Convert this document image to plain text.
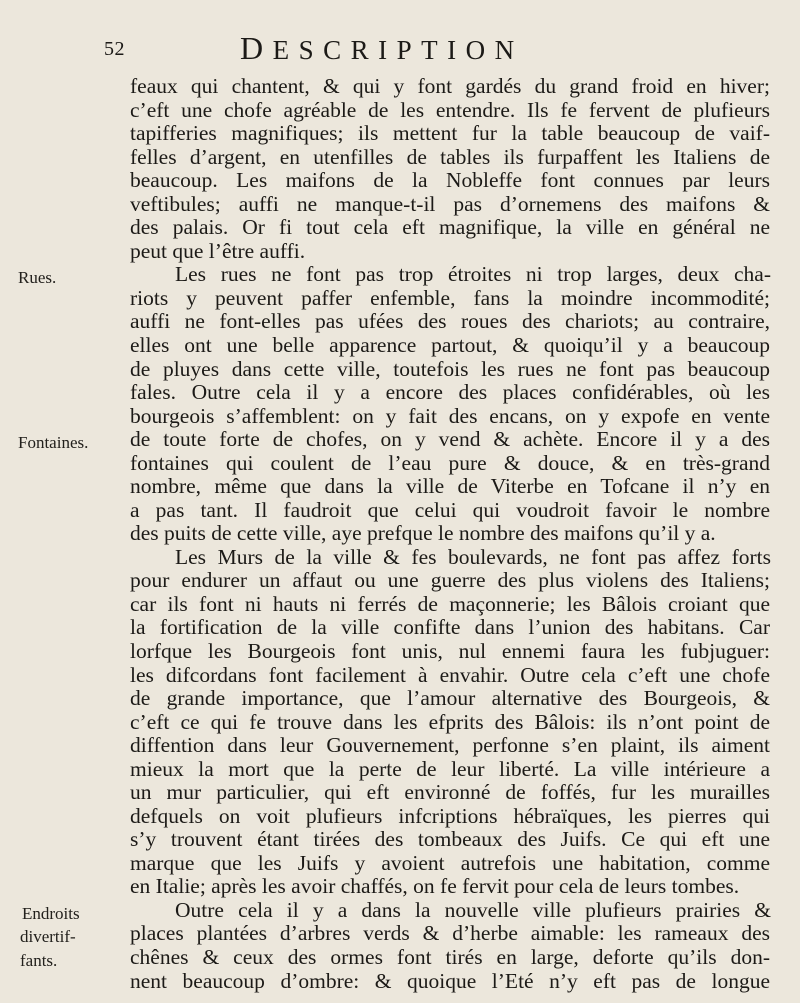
52	DESCRIPTION
Rues.
Fontaines.
Endroits
divertif-
fants.
feaux qui chantent, & qui y font gardés du grand froid en hiver;
c’eft une chofe agréable de les entendre. Ils fe fervent de plufieurs
tapifferies magnifiques; ils mettent fur la table beaucoup de vaif-
felles d’argent, en utenfilles de tables ils furpaffent les Italiens de
beaucoup. Les maifons de la Nobleffe font connues par leurs
veftibules; auffi ne manque-t-il pas d’ornemens des maifons &
des palais. Or fi tout cela eft magnifique, la ville en général ne
peut que l’être auffi.
Les rues ne font pas trop étroites ni trop larges, deux cha-
riots y peuvent paffer enfemble, fans la moindre incommodité;
auffi ne font-elles pas ufées des roues des chariots; au contraire,
elles ont une belle apparence partout, & quoiqu’il y a beaucoup
de pluyes dans cette ville, toutefois les rues ne font pas beaucoup
fales. Outre cela il y a encore des places confidérables, où les
bourgeois s’affemblent: on y fait des encans, on y expofe en vente
de toute forte de chofes, on y vend & achète. Encore il y a des
fontaines qui coulent de l’eau pure & douce, & en très-grand
nombre, même que dans la ville de Viterbe en Tofcane il n’y en
a pas tant. Il faudroit que celui qui voudroit favoir le nombre
des puits de cette ville, aye prefque le nombre des maifons qu’il y a.
Les Murs de la ville & fes boulevards, ne font pas affez forts
pour endurer un affaut ou une guerre des plus violens des Italiens;
car ils font ni hauts ni ferrés de maçonnerie; les Bâlois croiant que
la fortification de la ville confifte dans l’union des habitans. Car
lorfque les Bourgeois font unis, nul ennemi faura les fubjuguer:
les difcordans font facilement à envahir. Outre cela c’eft une chofe
de grande importance, que l’amour alternative des Bourgeois, &
c’eft ce qui fe trouve dans les efprits des Bâlois: ils n’ont point de
diffention dans leur Gouvernement, perfonne s’en plaint, ils aiment
mieux la mort que la perte de leur liberté. La ville intérieure a
un mur particulier, qui eft environné de foffés, fur les murailles
defquels on voit plufieurs infcriptions hébraïques, les pierres qui
s’y trouvent étant tirées des tombeaux des Juifs. Ce qui eft une
marque que les Juifs y avoient autrefois une habitation, comme
en Italie; après les avoir chaffés, on fe fervit pour cela de leurs tombes.
Outre cela il y a dans la nouvelle ville plufieurs prairies &
places plantées d’arbres verds & d’herbe aimable: les rameaux des
chênes & ceux des ormes font tirés en large, deforte qu’ils don-
nent beaucoup d’ombre: & quoique l’Eté n’y eft pas de longue
